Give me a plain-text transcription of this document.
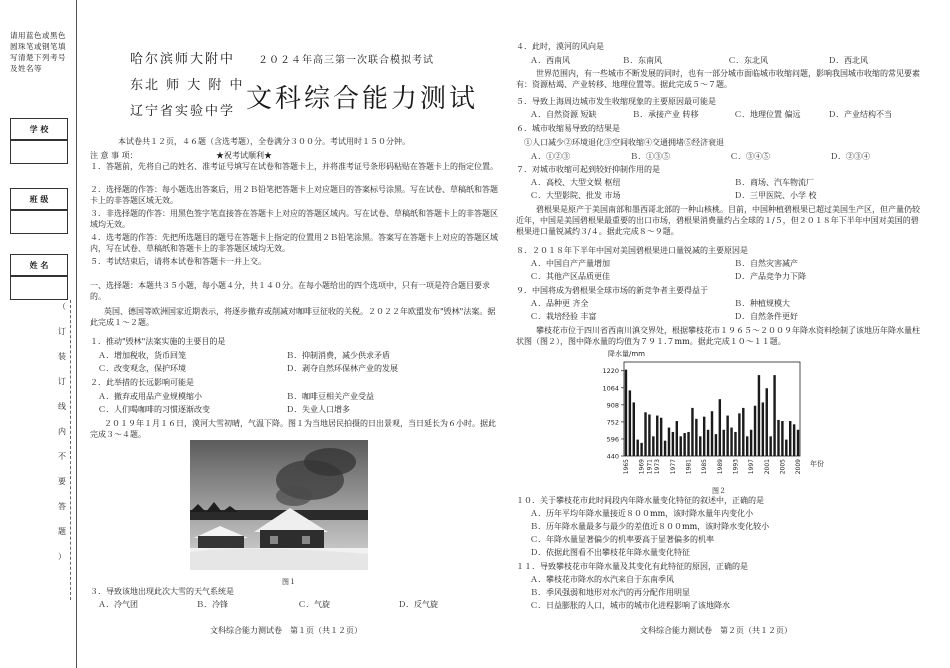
请用蓝色或黑色圆珠笔或钢笔填写清楚下列考号及姓名等
学 校
班 级
姓 名
（
订
装
订
线
内
不
要
答
题
）
哈尔滨师大附中
东北 师 大 附 中
辽宁省实验中学
２０２４年高三第一次联合模拟考试
文科综合能力测试
本试卷共１２页，４６题（含选考题），全卷满分３００分。考试用时１５０分钟。
★祝考试顺利★
注 意 事 项：
１．答题前，先将自己的姓名、准考证号填写在试卷和答题卡上，并将准考证号条形码粘贴在答题卡上的指定位置。
２．选择题的作答：每小题选出答案后，用２Ｂ铅笔把答题卡上对应题目的答案标号涂黑。写在试卷、草稿纸和答题卡上的非答题区域无效。
３．非选择题的作答：用黑色签字笔直接答在答题卡上对应的答题区域内。写在试卷、草稿纸和答题卡上的非答题区域均无效。
４．选考题的作答：先把所选题目的题号在答题卡上指定的位置用２Ｂ铅笔涂黑。答案写在答题卡上对应的答题区域内，写在试卷、草稿纸和答题卡上的非答题区域均无效。
５．考试结束后，请将本试卷和答题卡一并上交。
一、选择题：本题共３５小题，每小题４分，共１４０分。在每小题给出的四个选项中，只有一项是符合题目要求的。
英国、德国等欧洲国家近期表示，将逐步撤弃或削减对咖啡豆征收的关税。２０２２年欧盟发布"毁林"法案。据此完成１～２题。
１．推动"毁林"法案实施的主要目的是
Ａ．增加税收，货币回笼	Ｂ．抑制消费，减少供求矛盾
Ｃ．改变观念，保护环境	Ｄ．剥夺自然环保林产业的发展
２．此举措的长远影响可能是
Ａ．撤弃或用品产业规模缩小	Ｂ．咖啡豆相关产业受益
Ｃ．人们喝咖啡的习惯逐渐改变	Ｄ．失业人口增多
２０１９年１月１６日，漠河大雪初晴，气温下降。图１为当地居民拍摄的日出景观，当日延长为６小时。据此完成３～４题。
图１
３．导致该地出现此次大雪的天气系统是
Ａ．冷气团	Ｂ．冷锋	Ｃ．气旋	Ｄ．反气旋
文科综合能力测试卷　第１页（共１２页）
４．此时，漠河的风向是
Ａ．西南风	Ｂ．东南风	Ｃ．东北风	Ｄ．西北风
世界范围内，有一些城市不断发展的同时，也有一部分城市面临城市收缩问题，影响我国城市收缩的常见要素有：资源枯竭、产业转移、地理位置等。据此完成５～７题。
５．导致上海周边城市发生收缩现象的主要原因最可能是
Ａ．自然资源 短缺	Ｂ．承接产业 转移	Ｃ．地理位置 偏远	Ｄ．产业结构不当
６．城市收缩易导致的结果是
①人口减少②环境退化③空间收缩④交通拥堵⑤经济衰退
Ａ．①②③	Ｂ．①③⑤	Ｃ．③④⑤	Ｄ．②③④
７．对城市收缩可起到较好抑制作用的是
Ａ．高校、大型文娱 枢纽	Ｂ．商场、汽车物流厂
Ｃ．大型影院、批发 市场	Ｄ．三甲医院、小学 校
碧根果是原产于美国南部和墨西哥北部的一种山核桃。目前，中国种植碧根果已超过美国生产区，但产量仍较近年，中国是美国碧根果最重要的出口市场，碧根果消费量约占全球的１/５，但２０１８年下半年中国对美国的碧根果进口量锐减约３/４。据此完成８～９题。
８．２０１８年下半年中国对美国碧根果进口量锐减的主要原因是
Ａ．中国自产产量增加	Ｂ．自然灾害减产
Ｃ．其他产区品质更佳	Ｄ．产品竞争力下降
９．中国将成为碧根果全球市场的新竞争者主要得益于
Ａ．品种更 齐全	Ｂ．种植规模大
Ｃ．栽培经验 丰富	Ｄ．自然条件更好
攀枝花市位于四川省西南川滇交界处，根据攀枝花市１９６５～２００９年降水资料绘制了该地历年降水量柱状图（图２），图中降水量的均值为７９１.７mm。据此完成１０～１１题。
降水量/mm
年份
440
596
752
908
1064
1220
1965 1969 1971 1973 1977 1981 1985 1989 1993 1997 2001 2005 2009
图２
１０．关于攀枝花市此时间段内年降水量变化特征的叙述中，正确的是
Ａ．历年平均年降水量接近８００mm，该时降水量年内变化小
Ｂ．历年降水量最多与最少的差值近８００mm，该时降水变化较小
Ｃ．年降水量显著偏少的机率要高于显著偏多的机率
Ｄ．依据此图看不出攀枝花年降水量变化特征
１１．导致攀枝花市年降水量及其变化有此特征的原因，正确的是
Ａ．攀枝花市降水的水汽来自于东南季风
Ｂ．季风强弱和地形对水汽的再分配作用明显
Ｃ．日益膨胀的人口，城市的城市化进程影响了该地降水
文科综合能力测试卷　第２页（共１２页）
